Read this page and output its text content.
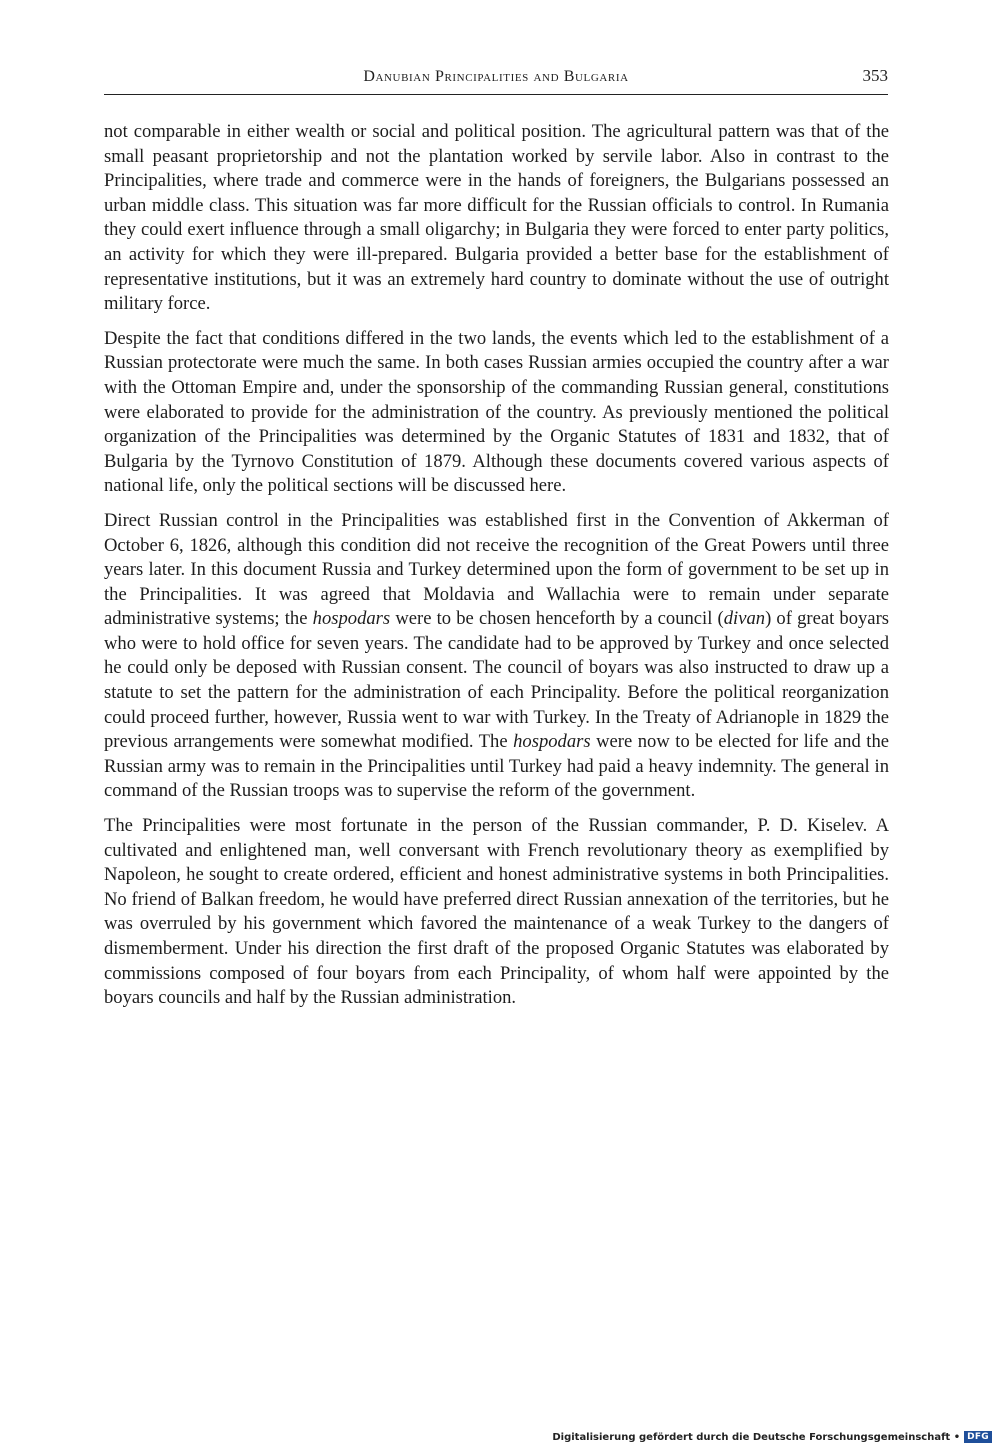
Danubian Principalities and Bulgaria	353

not comparable in either wealth or social and political position. The agricultural pattern was that of the small peasant proprietorship and not the plantation worked by servile labor. Also in contrast to the Principalities, where trade and commerce were in the hands of foreigners, the Bulgarians possessed an urban middle class. This situation was far more difficult for the Russian officials to control. In Rumania they could exert influence through a small oligarchy; in Bulgaria they were forced to enter party politics, an activity for which they were ill-prepared. Bulgaria provided a better base for the establishment of representative institutions, but it was an extremely hard country to dominate without the use of outright military force.

Despite the fact that conditions differed in the two lands, the events which led to the establishment of a Russian protectorate were much the same. In both cases Russian armies occupied the country after a war with the Ottoman Empire and, under the sponsorship of the commanding Russian general, constitutions were elaborated to provide for the administration of the country. As previously mentioned the political organization of the Principalities was determined by the Organic Statutes of 1831 and 1832, that of Bulgaria by the Tyrnovo Constitution of 1879. Although these documents covered various aspects of national life, only the political sections will be discussed here.

Direct Russian control in the Principalities was established first in the Convention of Akkerman of October 6, 1826, although this condition did not receive the recognition of the Great Powers until three years later. In this document Russia and Turkey determined upon the form of government to be set up in the Principalities. It was agreed that Moldavia and Wallachia were to remain under separate administrative systems; the hospodars were to be chosen henceforth by a council (divan) of great boyars who were to hold office for seven years. The candidate had to be approved by Turkey and once selected he could only be deposed with Russian consent. The council of boyars was also instructed to draw up a statute to set the pattern for the administration of each Principality. Before the political reorganization could proceed further, however, Russia went to war with Turkey. In the Treaty of Adrianople in 1829 the previous arrangements were somewhat modified. The hospodars were now to be elected for life and the Russian army was to remain in the Principalities until Turkey had paid a heavy indemnity. The general in command of the Russian troops was to supervise the reform of the government.

The Principalities were most fortunate in the person of the Russian commander, P. D. Kiselev. A cultivated and enlightened man, well conversant with French revolutionary theory as exemplified by Napoleon, he sought to create ordered, efficient and honest administrative systems in both Principalities. No friend of Balkan freedom, he would have preferred direct Russian annexation of the territories, but he was overruled by his government which favored the maintenance of a weak Turkey to the dangers of dismemberment. Under his direction the first draft of the proposed Organic Statutes was elaborated by commissions composed of four boyars from each Principality, of whom half were appointed by the boyars councils and half by the Russian administration.

Digitalisierung gefördert durch die Deutsche Forschungsgemeinschaft • DFG
